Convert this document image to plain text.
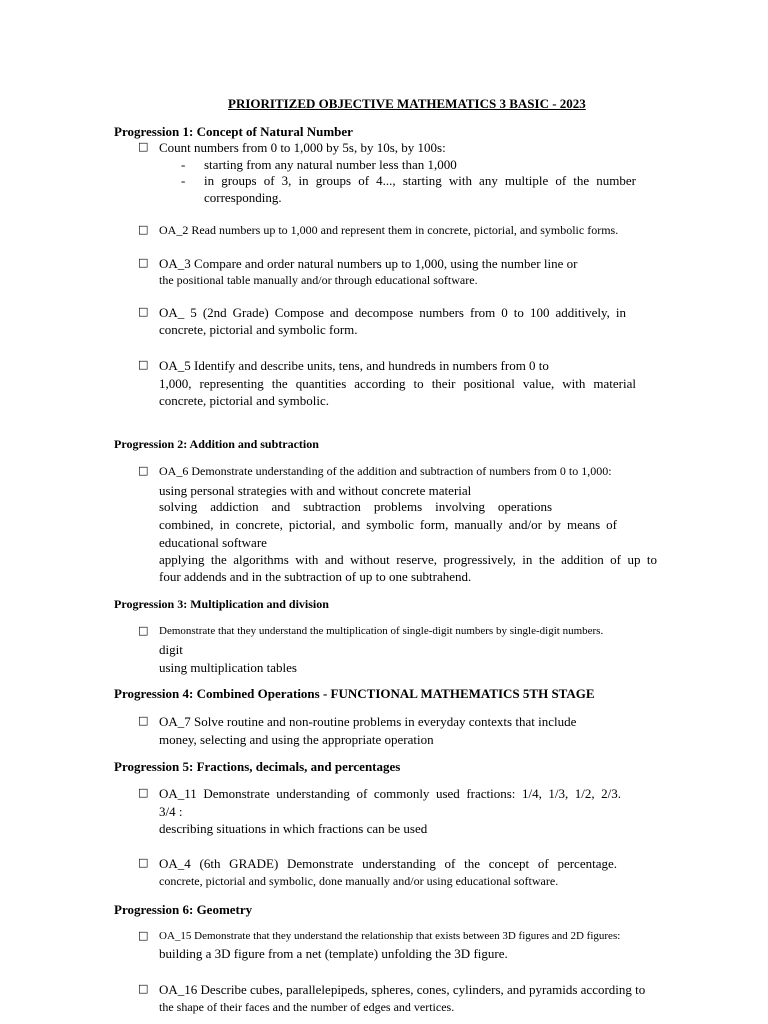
PRIORITIZED OBJECTIVE MATHEMATICS 3 BASIC - 2023
Progression 1: Concept of Natural Number
□ Count numbers from 0 to 1,000 by 5s, by 10s, by 100s:
- starting from any natural number less than 1,000
- in groups of 3, in groups of 4..., starting with any multiple of the number
corresponding.
□ OA_2 Read numbers up to 1,000 and represent them in concrete, pictorial, and symbolic forms.
□ OA_3 Compare and order natural numbers up to 1,000, using the number line or
the positional table manually and/or through educational software.
□ OA_ 5 (2nd Grade) Compose and decompose numbers from 0 to 100 additively, in
concrete, pictorial and symbolic form.
□ OA_5 Identify and describe units, tens, and hundreds in numbers from 0 to
1,000, representing the quantities according to their positional value, with material
concrete, pictorial and symbolic.
Progression 2: Addition and subtraction
□ OA_6 Demonstrate understanding of the addition and subtraction of numbers from 0 to 1,000:
using personal strategies with and without concrete material
solving addiction and subtraction problems involving operations
combined, in concrete, pictorial, and symbolic form, manually and/or by means of
educational software
applying the algorithms with and without reserve, progressively, in the addition of up to
four addends and in the subtraction of up to one subtrahend.
Progression 3: Multiplication and division
□ Demonstrate that they understand the multiplication of single-digit numbers by single-digit numbers.
digit
using multiplication tables
Progression 4: Combined Operations - FUNCTIONAL MATHEMATICS 5TH STAGE
□ OA_7 Solve routine and non-routine problems in everyday contexts that include
money, selecting and using the appropriate operation
Progression 5: Fractions, decimals, and percentages
□ OA_11 Demonstrate understanding of commonly used fractions: 1/4, 1/3, 1/2, 2/3.
3/4 :
describing situations in which fractions can be used
□ OA_4 (6th GRADE) Demonstrate understanding of the concept of percentage.
concrete, pictorial and symbolic, done manually and/or using educational software.
Progression 6: Geometry
□ OA_15 Demonstrate that they understand the relationship that exists between 3D figures and 2D figures:
building a 3D figure from a net (template) unfolding the 3D figure.
□ OA_16 Describe cubes, parallelepipeds, spheres, cones, cylinders, and pyramids according to
the shape of their faces and the number of edges and vertices.
